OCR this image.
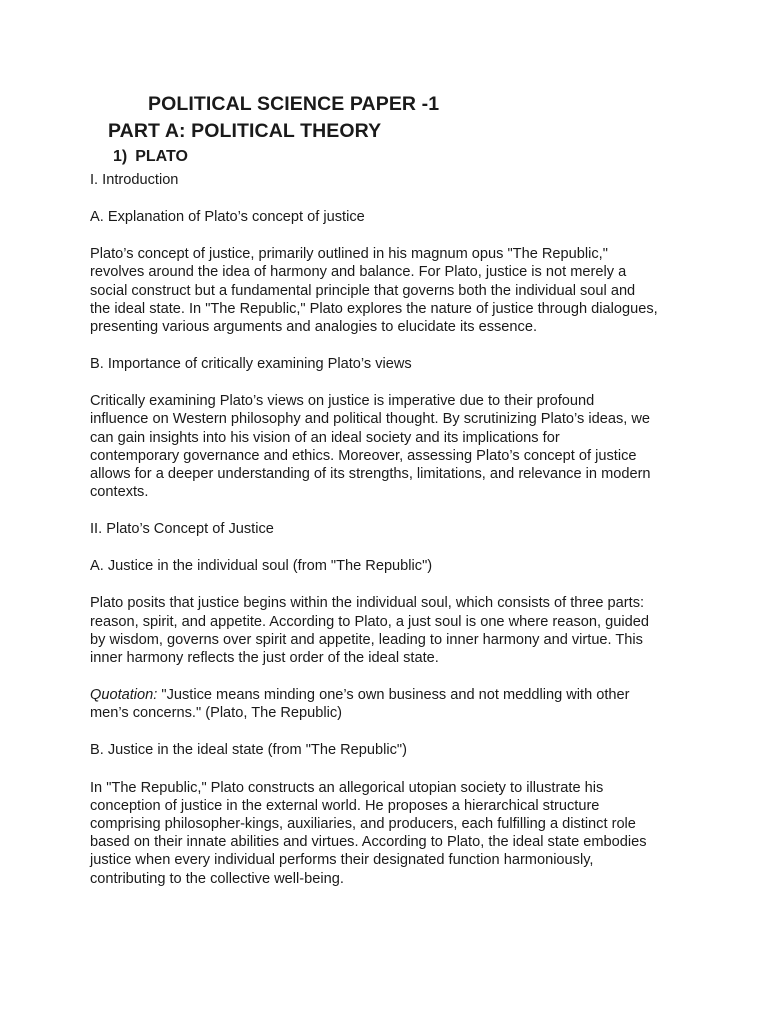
POLITICAL SCIENCE PAPER -1
PART A: POLITICAL THEORY
1) PLATO

I. Introduction

A. Explanation of Plato’s concept of justice

Plato’s concept of justice, primarily outlined in his magnum opus "The Republic,"
revolves around the idea of harmony and balance. For Plato, justice is not merely a
social construct but a fundamental principle that governs both the individual soul and
the ideal state. In "The Republic," Plato explores the nature of justice through dialogues,
presenting various arguments and analogies to elucidate its essence.

B. Importance of critically examining Plato’s views

Critically examining Plato’s views on justice is imperative due to their profound
influence on Western philosophy and political thought. By scrutinizing Plato’s ideas, we
can gain insights into his vision of an ideal society and its implications for
contemporary governance and ethics. Moreover, assessing Plato’s concept of justice
allows for a deeper understanding of its strengths, limitations, and relevance in modern
contexts.

II. Plato’s Concept of Justice

A. Justice in the individual soul (from "The Republic")

Plato posits that justice begins within the individual soul, which consists of three parts:
reason, spirit, and appetite. According to Plato, a just soul is one where reason, guided
by wisdom, governs over spirit and appetite, leading to inner harmony and virtue. This
inner harmony reflects the just order of the ideal state.

Quotation: "Justice means minding one’s own business and not meddling with other
men’s concerns." (Plato, The Republic)

B. Justice in the ideal state (from "The Republic")

In "The Republic," Plato constructs an allegorical utopian society to illustrate his
conception of justice in the external world. He proposes a hierarchical structure
comprising philosopher-kings, auxiliaries, and producers, each fulfilling a distinct role
based on their innate abilities and virtues. According to Plato, the ideal state embodies
justice when every individual performs their designated function harmoniously,
contributing to the collective well-being.
